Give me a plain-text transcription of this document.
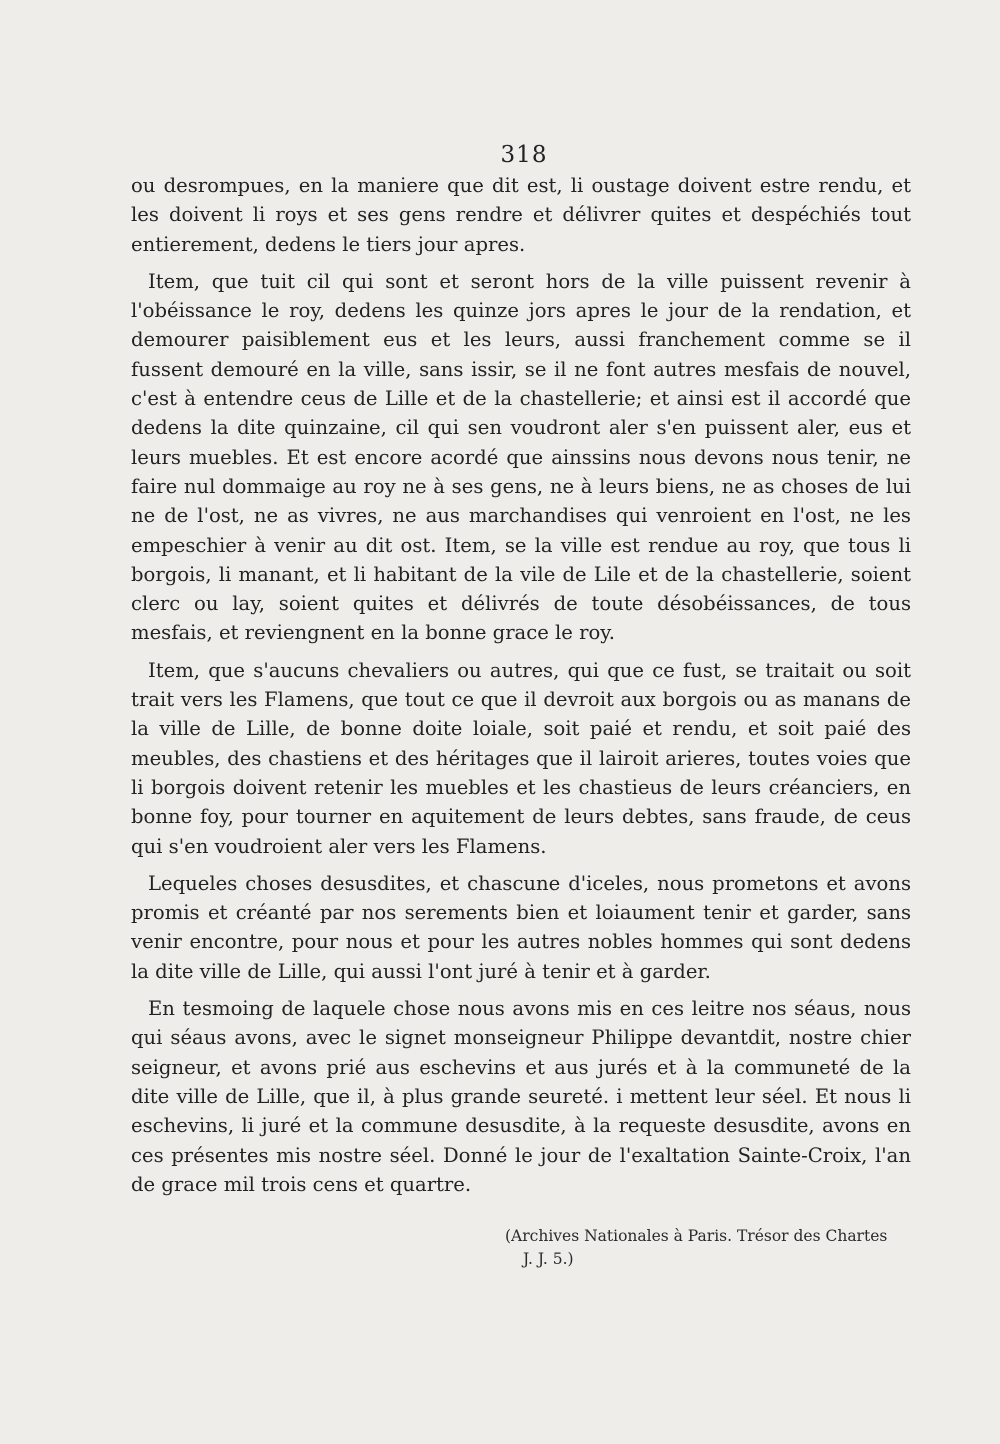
318

ou desrompues, en la maniere que dit est, li oustage doivent estre rendu, et les doivent li roys et ses gens rendre et délivrer quites et despéchiés tout entierement, dedens le tiers jour apres.

Item, que tuit cil qui sont et seront hors de la ville puissent revenir à l'obéissance le roy, dedens les quinze jors apres le jour de la rendation, et demourer paisiblement eus et les leurs, aussi franchement comme se il fussent demouré en la ville, sans issir, se il ne font autres mesfais de nouvel, c'est à entendre ceus de Lille et de la chastellerie; et ainsi est il accordé que dedens la dite quinzaine, cil qui sen voudront aler s'en puissent aler, eus et leurs muebles. Et est encore acordé que ainssins nous devons nous tenir, ne faire nul dommaige au roy ne à ses gens, ne à leurs biens, ne as choses de lui ne de l'ost, ne as vivres, ne aus marchandises qui venroient en l'ost, ne les empeschier à venir au dit ost. Item, se la ville est rendue au roy, que tous li borgois, li manant, et li habitant de la vile de Lile et de la chastellerie, soient clerc ou lay, soient quites et délivrés de toute désobéissances, de tous mesfais, et reviengnent en la bonne grace le roy.

Item, que s'aucuns chevaliers ou autres, qui que ce fust, se traitait ou soit trait vers les Flamens, que tout ce que il devroit aux borgois ou as manans de la ville de Lille, de bonne doite loiale, soit paié et rendu, et soit paié des meubles, des chastiens et des héritages que il lairoit arieres, toutes voies que li borgois doivent retenir les muebles et les chastieus de leurs créanciers, en bonne foy, pour tourner en aquitement de leurs debtes, sans fraude, de ceus qui s'en voudroient aler vers les Flamens.

Lequeles choses desusdites, et chascune d'iceles, nous prometons et avons promis et créanté par nos serements bien et loiaument tenir et garder, sans venir encontre, pour nous et pour les autres nobles hommes qui sont dedens la dite ville de Lille, qui aussi l'ont juré à tenir et à garder.

En tesmoing de laquele chose nous avons mis en ces leitre nos séaus, nous qui séaus avons, avec le signet monseigneur Philippe devantdit, nostre chier seigneur, et avons prié aus eschevins et aus jurés et à la communeté de la dite ville de Lille, que il, à plus grande seureté. i mettent leur séel. Et nous li eschevins, li juré et la commune desusdite, à la requeste desusdite, avons en ces présentes mis nostre séel. Donné le jour de l'exaltation Sainte-Croix, l'an de grace mil trois cens et quartre.

(Archives Nationales à Paris. Trésor des Chartes
J. J. 5.)
